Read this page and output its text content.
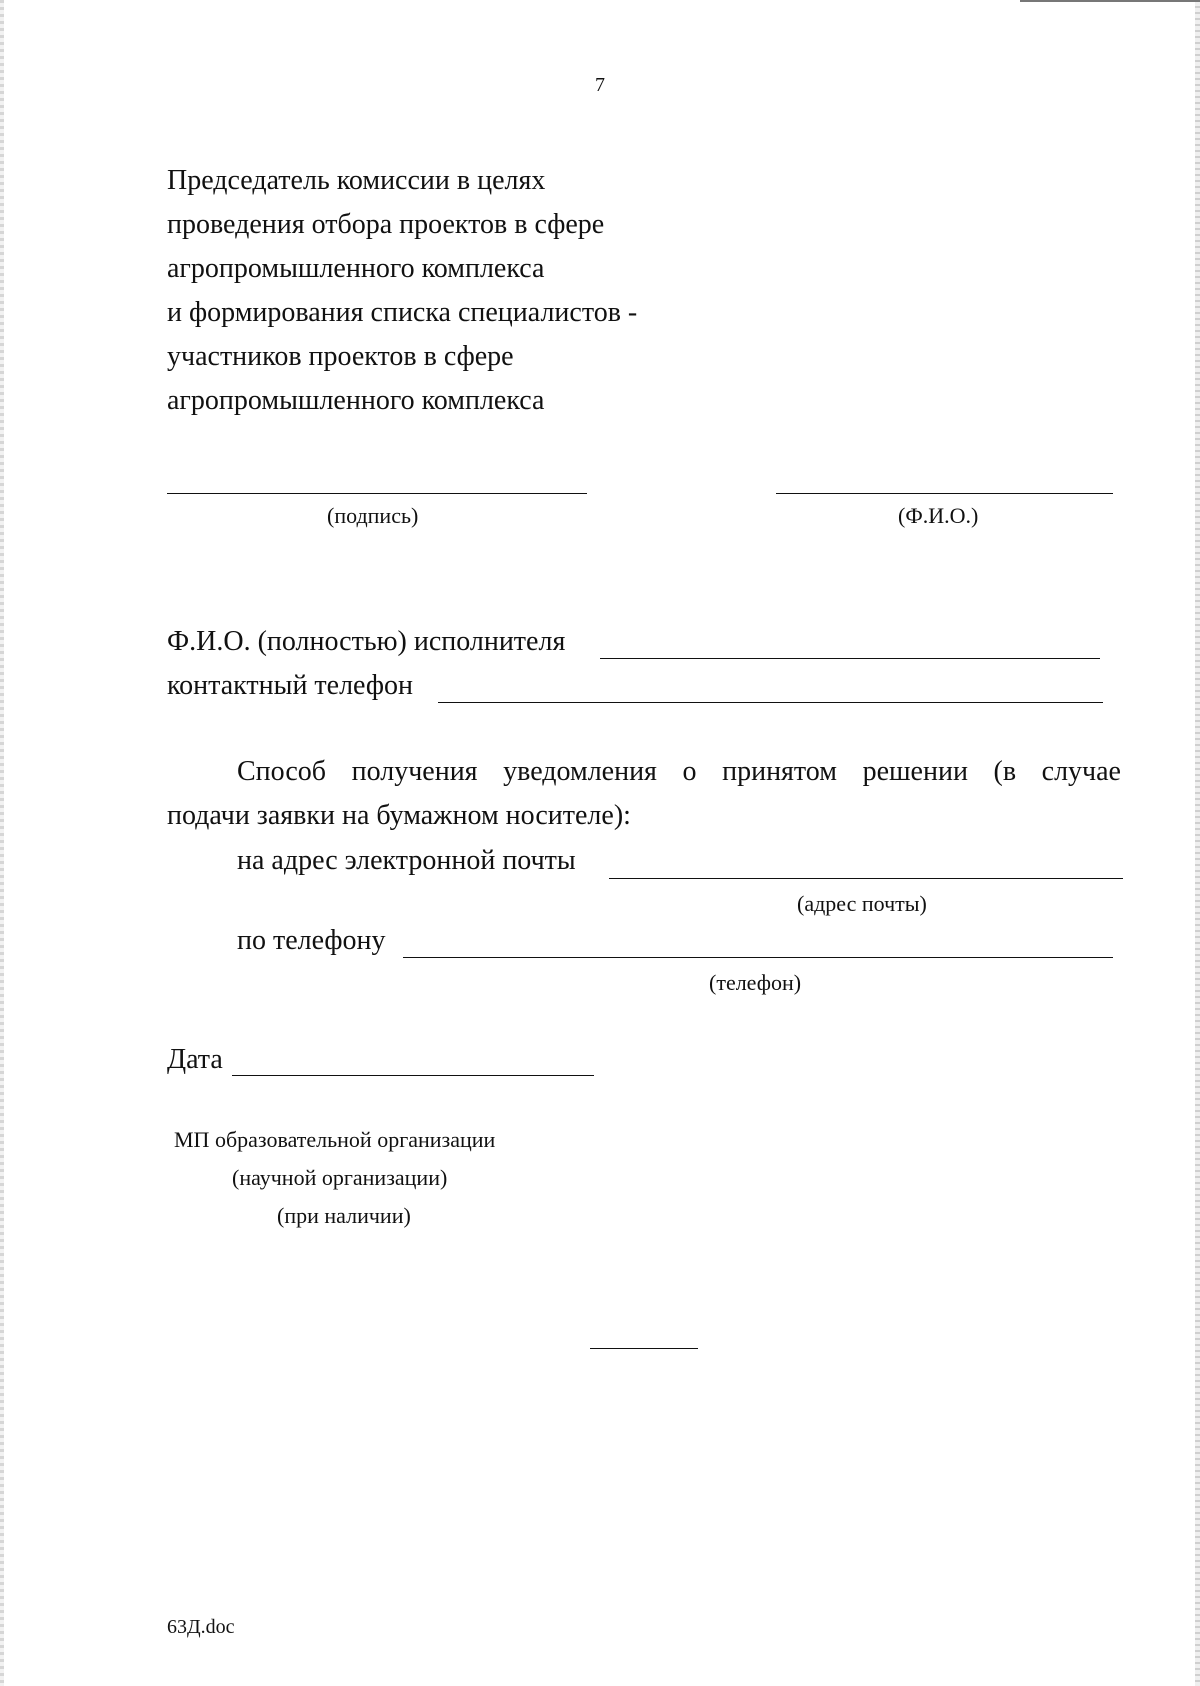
7
Председатель комиссии в целях
проведения отбора проектов в сфере
агропромышленного комплекса
и формирования списка специалистов -
участников проектов в сфере
агропромышленного комплекса
(подпись)	(Ф.И.О.)
Ф.И.О. (полностью) исполнителя
контактный телефон
Способ получения уведомления о принятом решении (в случае
подачи заявки на бумажном носителе):
на адрес электронной почты
(адрес почты)
по телефону
(телефон)
Дата
МП образовательной организации
(научной организации)
(при наличии)
63Д.doc
